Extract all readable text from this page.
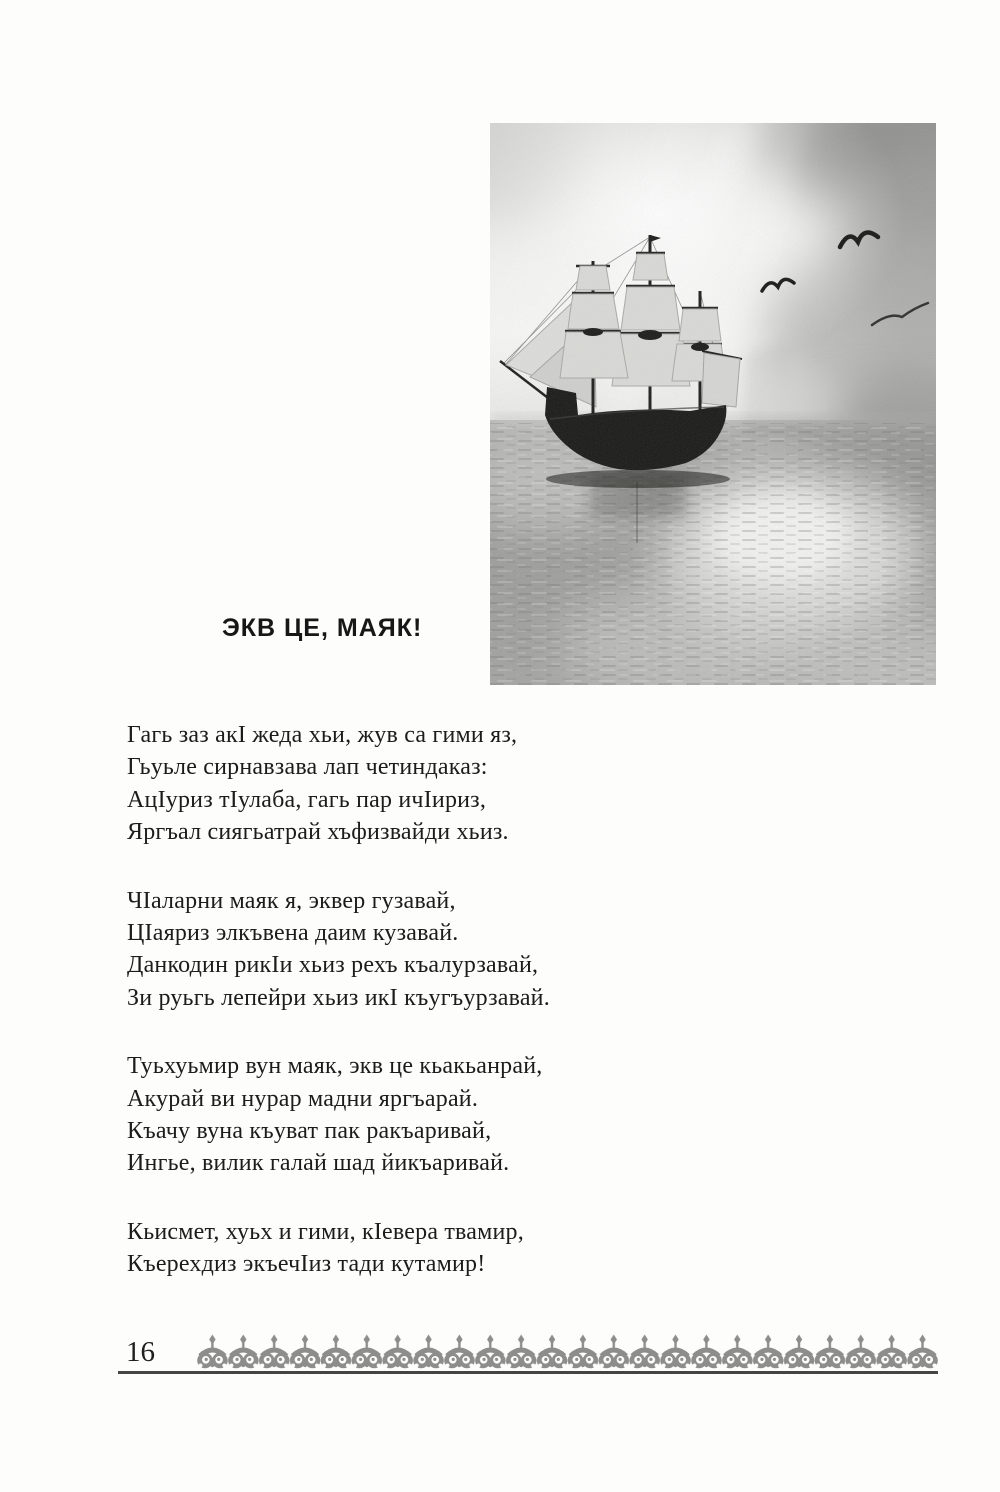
ЭКВ ЦЕ, МАЯК!
Гагь заз акI жеда хьи, жув са гими яз,
Гьуьле сирнавзава лап четиндаказ:
АцIуриз тIулаба, гагь пар ичIириз,
Яргъал сиягьатрай хъфизвайди хьиз.
ЧIаларни маяк я, эквер гузавай,
ЦIаяриз элкъвена даим кузавай.
Данкодин рикIи хьиз рехъ къалурзавай,
Зи руьгь лепейри хьиз икI къугъурзавай.
Туьхуьмир вун маяк, экв це кьакьанрай,
Акурай ви нурар мадни яргъарай.
Къачу вуна къуват пак ракъаривай,
Ингье, вилик галай шад йикъаривай.
Кьисмет, хуьх и гими, кIевера твамир,
Къерехдиз экъечIиз тади кутамир!
16
